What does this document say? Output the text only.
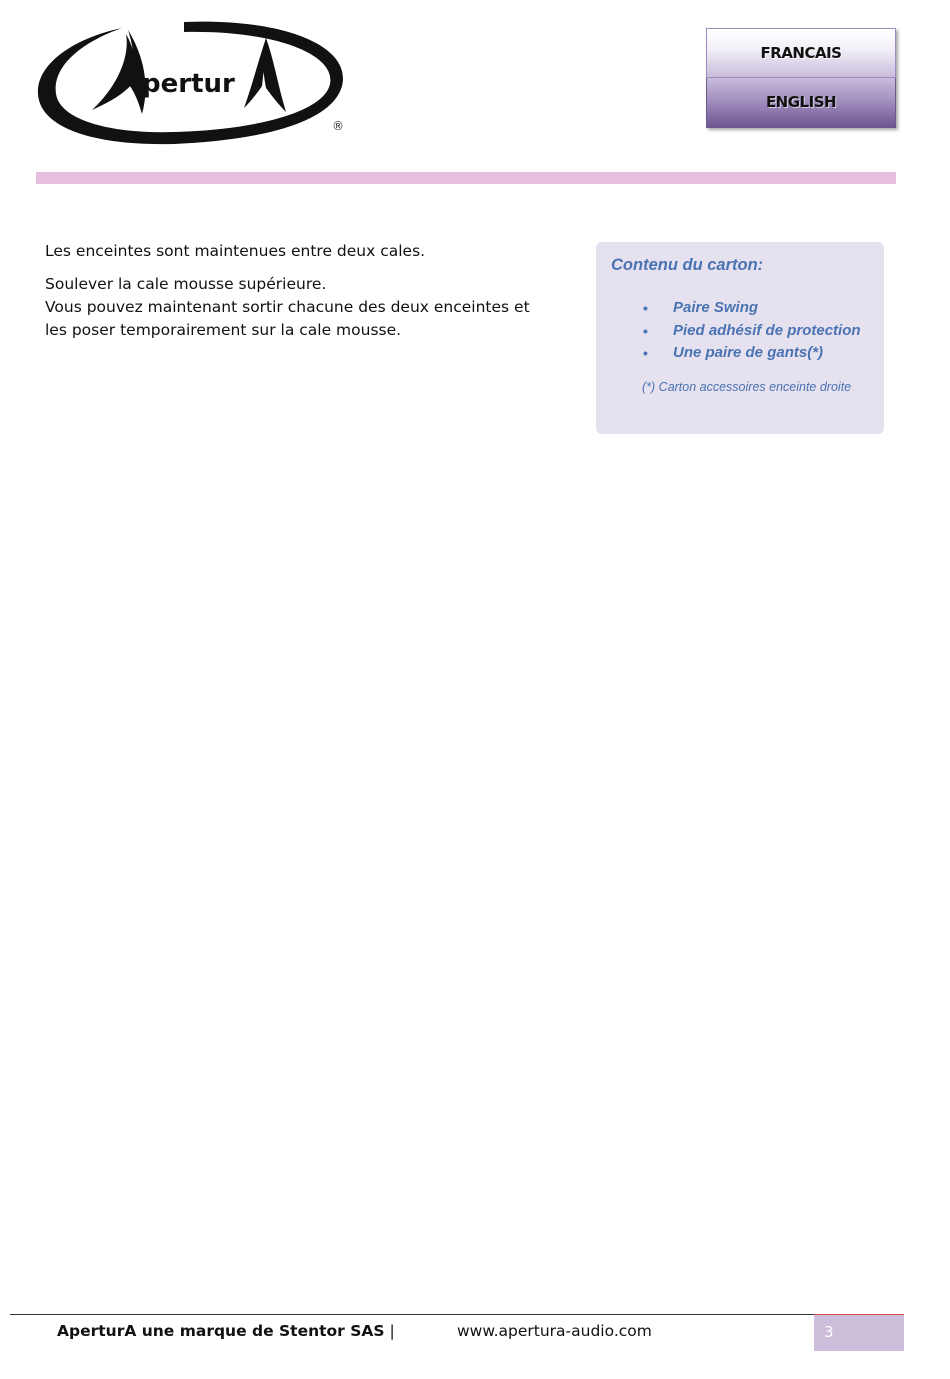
pertur
®
FRANCAIS
ENGLISH

Les enceintes sont maintenues entre deux cales.

Soulever la cale mousse supérieure.

Vous pouvez maintenant sortir chacune des deux enceintes et les poser temporairement sur la cale mousse.

Contenu du carton:
• Paire Swing
• Pied adhésif de protection
• Une paire de gants(*)
(*) Carton accessoires enceinte droite
AperturA une marque de Stentor SAS |	www.apertura-audio.com	3
